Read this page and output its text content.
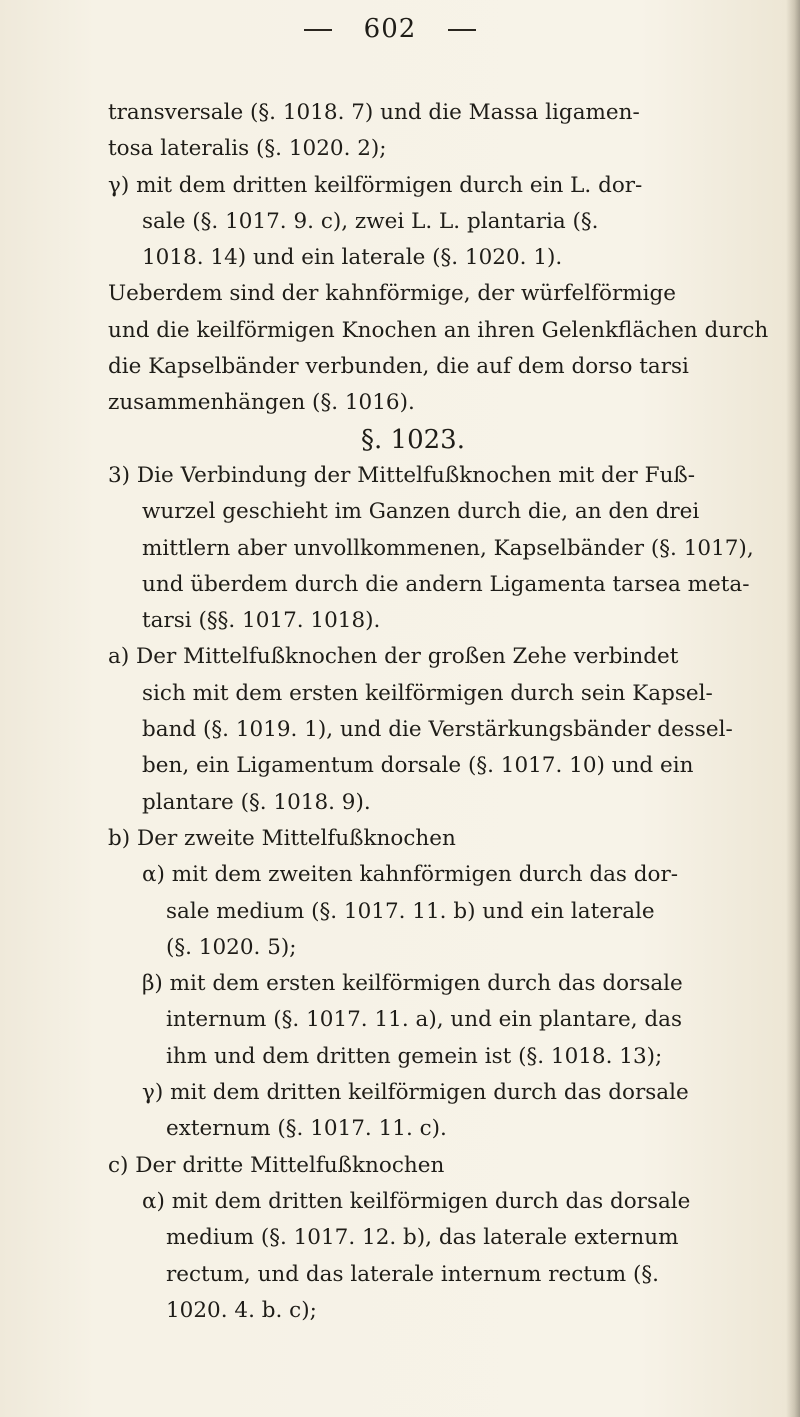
602
transversale (§. 1018. 7) und die Massa ligamen-
tosa lateralis (§. 1020. 2);
γ) mit dem dritten keilförmigen durch ein L. dor-
sale (§. 1017. 9. c), zwei L. L. plantaria (§.
1018. 14) und ein laterale (§. 1020. 1).
Ueberdem sind der kahnförmige, der würfelförmige
und die keilförmigen Knochen an ihren Gelenkflächen durch
die Kapselbänder verbunden, die auf dem dorso tarsi
zusammenhängen (§. 1016).
§. 1023.
3) Die Verbindung der Mittelfußknochen mit der Fuß-
wurzel geschieht im Ganzen durch die, an den drei
mittlern aber unvollkommenen, Kapselbänder (§. 1017),
und überdem durch die andern Ligamenta tarsea meta-
tarsi (§§. 1017. 1018).
a) Der Mittelfußknochen der großen Zehe verbindet
sich mit dem ersten keilförmigen durch sein Kapsel-
band (§. 1019. 1), und die Verstärkungsbänder dessel-
ben, ein Ligamentum dorsale (§. 1017. 10) und ein
plantare (§. 1018. 9).
b) Der zweite Mittelfußknochen
α) mit dem zweiten kahnförmigen durch das dor-
sale medium (§. 1017. 11. b) und ein laterale
(§. 1020. 5);
β) mit dem ersten keilförmigen durch das dorsale
internum (§. 1017. 11. a), und ein plantare, das
ihm und dem dritten gemein ist (§. 1018. 13);
γ) mit dem dritten keilförmigen durch das dorsale
externum (§. 1017. 11. c).
c) Der dritte Mittelfußknochen
α) mit dem dritten keilförmigen durch das dorsale
medium (§. 1017. 12. b), das laterale externum
rectum, und das laterale internum rectum (§.
1020. 4. b. c);
